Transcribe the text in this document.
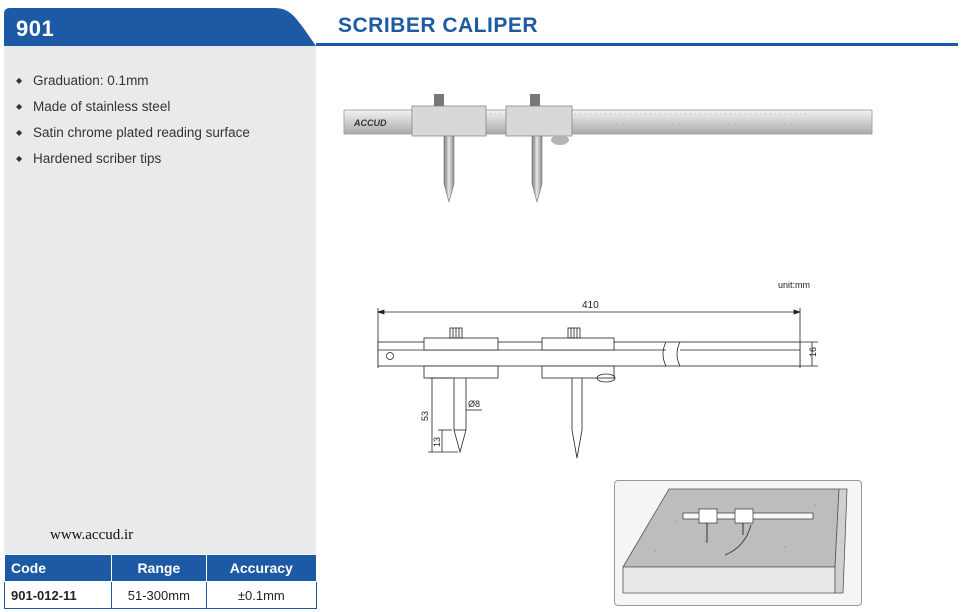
901	SCRIBER CALIPER
◆ Graduation: 0.1mm
◆ Made of stainless steel
◆ Satin chrome plated reading surface
◆ Hardened scriber tips
www.accud.ir
Code	Range	Accuracy
901-012-11	51-300mm	±0.1mm
ACCUD
unit:mm
410
16
53
13
Ø8
